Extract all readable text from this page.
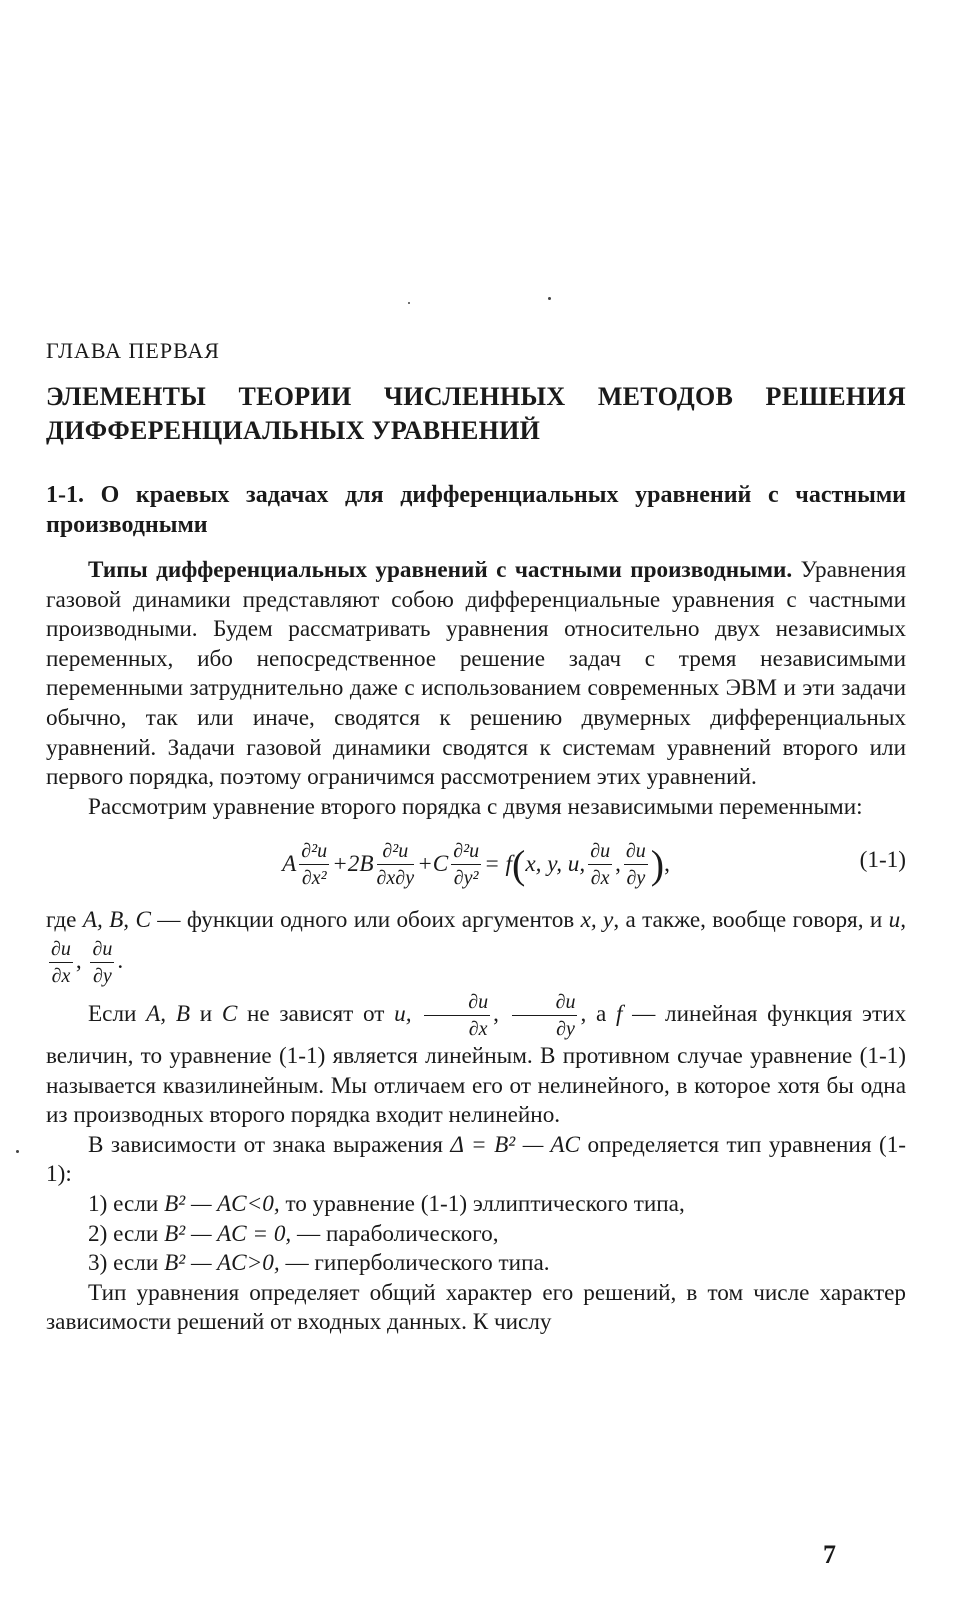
ГЛАВА ПЕРВАЯ
ЭЛЕМЕНТЫ ТЕОРИИ ЧИСЛЕННЫХ МЕТОДОВ РЕШЕНИЯ ДИФФЕРЕНЦИАЛЬНЫХ УРАВНЕНИЙ
1-1. О краевых задачах для дифференциальных уравнений с частными производными

Типы дифференциальных уравнений с частными производными. Уравнения газовой динамики представляют собою дифференциальные уравнения с частными производными. Будем рассматривать уравнения относительно двух независимых переменных, ибо непосредственное решение задач с тремя независимыми переменными затруднительно даже с использованием современных ЭВМ и эти задачи обычно, так или иначе, сводятся к решению двумерных дифференциальных уравнений. Задачи газовой динамики сводятся к системам уравнений второго или первого порядка, поэтому ограничимся рассмотрением этих уравнений.

Рассмотрим уравнение второго порядка с двумя независимыми переменными:

A $\frac{\text{∂²u}}{\text{∂x²}} +2B \frac{\text{∂²u}}{\partial x\partial y} +C \frac{\text{∂²u}}{\text{∂y²}} = f$ ( x, y, u, $\frac{\partial u}{\partial x}$ , $\frac{\partial u}{\partial y}$ ) ,	(1-1)

где A, B, C — функции одного или обоих аргументов x, y, а также, вообще говоря, и u,
$\frac{\partial u}{\partial x}$ , $\frac{\partial u}{\partial y}$ .

Если A, B и C не зависят от u, $\frac{\partial u}{\partial x}$ , $\frac{\partial u}{\partial y}$ , а f — линейная функция этих величин, то уравнение (1-1) является линейным. В противном случае уравнение (1-1) называется квазилинейным. Мы отличаем его от нелинейного, в которое хотя бы одна из производных второго порядка входит нелинейно.

В зависимости от знака выражения Δ = B² — AC определяется тип уравнения (1-1):

1) если B² — AC<0, то уравнение (1-1) эллиптического типа,

2) если B² — AC = 0, — параболического,

3) если B² — AC>0, — гиперболического типа.

Тип уравнения определяет общий характер его решений, в том числе характер зависимости решений от входных данных. К числу

7
